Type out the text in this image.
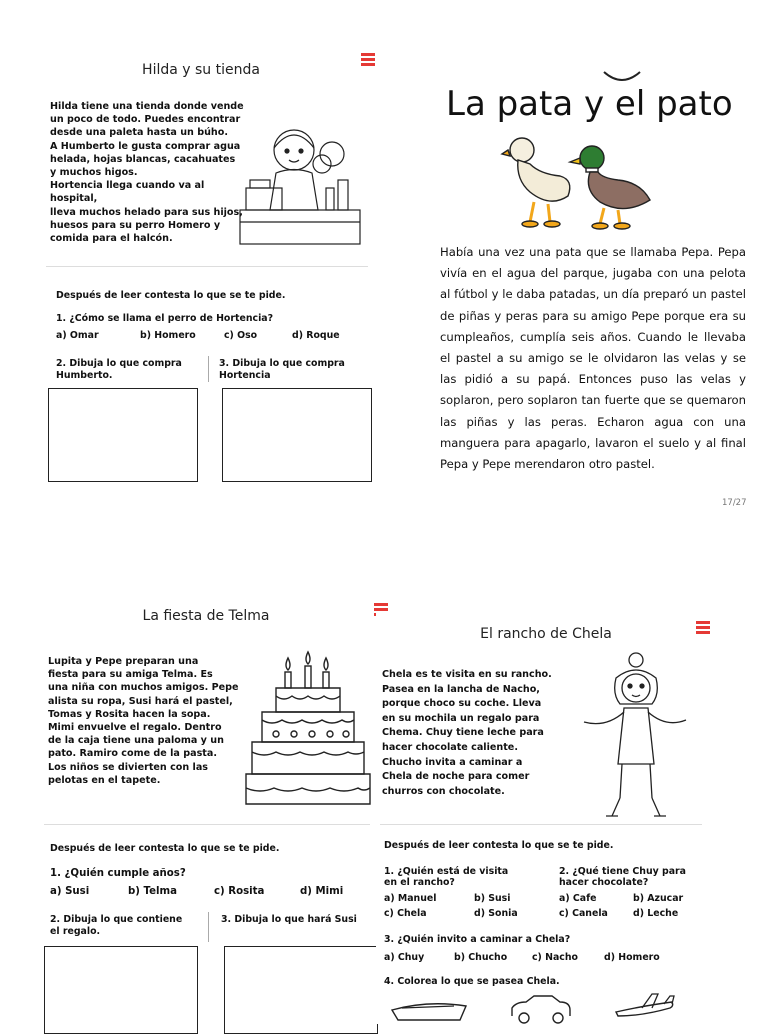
Hilda y su tienda
Hilda tiene una tienda donde vende
un poco de todo. Puedes encontrar
desde una paleta hasta un búho.
A Humberto le gusta comprar agua
helada, hojas blancas, cacahuates
y muchos higos.
Hortencia llega cuando va al hospital,
lleva muchos helado para sus hijos,
huesos para su perro Homero y
comida para el halcón.
Después de leer contesta lo que se te pide.
1. ¿Cómo se llama el perro de Hortencia?
a) Omar	b) Homero	c) Oso	d) Roque
2. Dibuja lo que compra
Humberto.
3. Dibuja lo que compra
Hortencia
La pata y el pato
Había una vez una pata que se llamaba Pepa. Pepa vivía en el agua del parque, jugaba con una pelota al fútbol y le daba patadas, un día preparó un pastel de piñas y peras para su amigo Pepe porque era su cumpleaños, cumplía seis años. Cuando le llevaba el pastel a su amigo se le olvidaron las velas y se las pidió a su papá. Entonces puso las velas y soplaron, pero soplaron tan fuerte que se quemaron las piñas y las peras. Echaron agua con una manguera para apagarlo, lavaron el suelo y al final Pepa y Pepe merendaron otro pastel.
17/27
La fiesta de Telma
Lupita y Pepe preparan una
fiesta para su amiga Telma. Es
una niña con muchos amigos. Pepe
alista su ropa, Susi hará el pastel,
Tomas y Rosita hacen la sopa.
Mimi envuelve el regalo. Dentro
de la caja tiene una paloma y un
pato. Ramiro come de la pasta.
Los niños se divierten con las
pelotas en el tapete.
Después de leer contesta lo que se te pide.
1. ¿Quién cumple años?
a) Susi	b) Telma	c) Rosita	d) Mimi
2. Dibuja lo que contiene
el regalo.
3. Dibuja lo que hará Susi
El rancho de Chela
Chela es te visita en su rancho.
Pasea en la lancha de Nacho,
porque choco su coche. Lleva
en su mochila un regalo para
Chema. Chuy tiene leche para
hacer chocolate caliente.
Chucho invita a caminar a
Chela de noche para comer
churros con chocolate.
Después de leer contesta lo que se te pide.
1. ¿Quién está de visita
en el rancho?
a) Manuel	b) Susi
c) Chela	d) Sonia
2. ¿Qué tiene Chuy para
hacer chocolate?
a) Cafe	b) Azucar
c) Canela	d) Leche
3. ¿Quién invito a caminar a Chela?
a) Chuy	b) Chucho	c) Nacho	d) Homero
4. Colorea lo que se pasea Chela.
